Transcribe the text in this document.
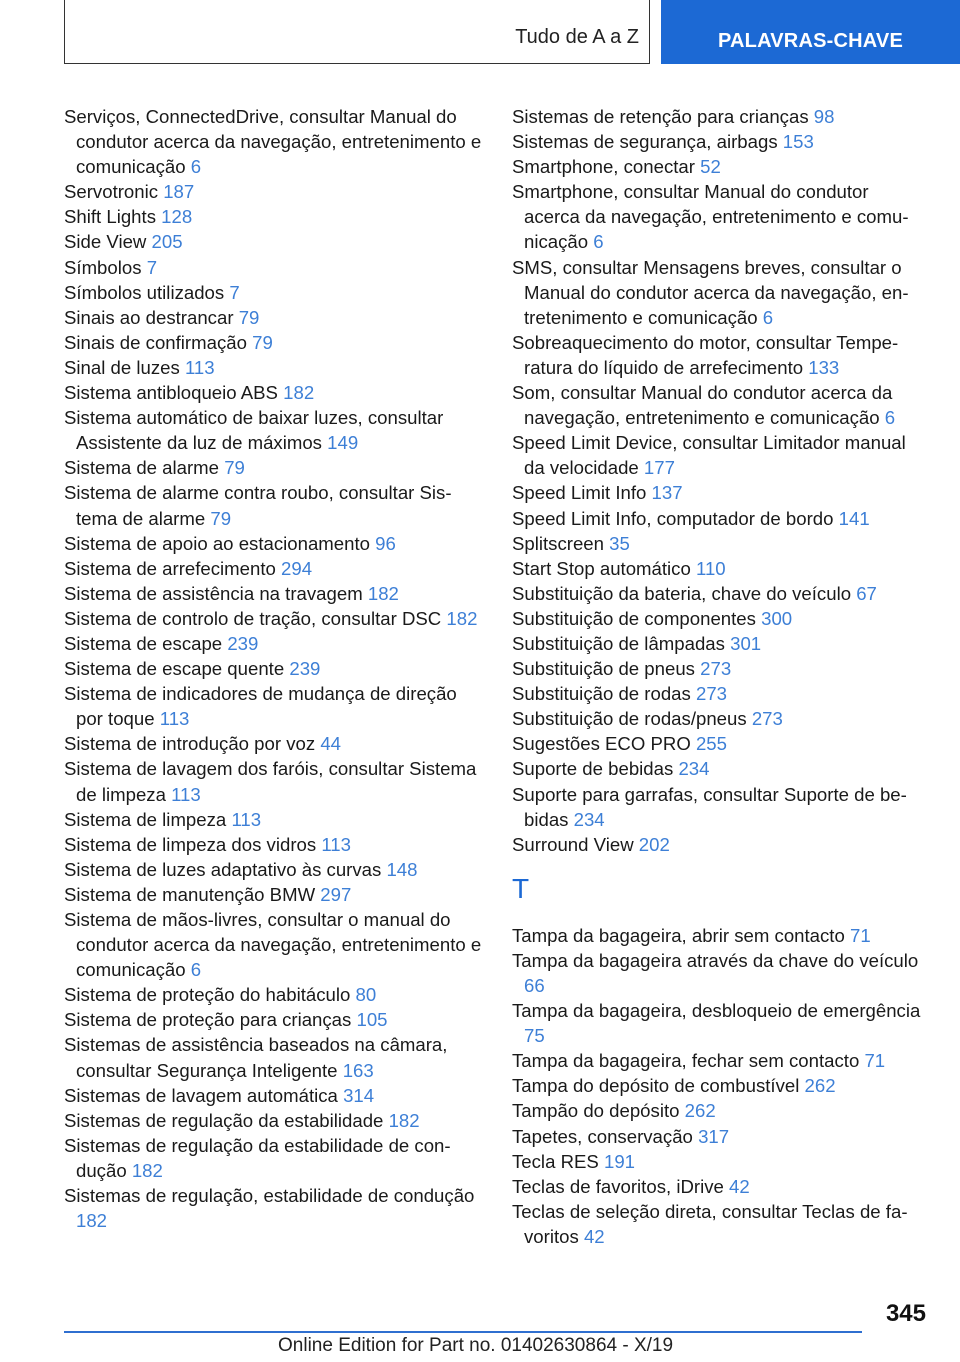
Tudo de A a Z	PALAVRAS-CHAVE

Serviços, ConnectedDrive, consultar Manual do condutor acerca da navegação, entretenimento e comunicação 6

Servotronic 187

Shift Lights 128

Side View 205

Símbolos 7

Símbolos utilizados 7

Sinais ao destrancar 79

Sinais de confirmação 79

Sinal de luzes 113

Sistema antibloqueio ABS 182

Sistema automático de baixar luzes, consultar Assistente da luz de máximos 149

Sistema de alarme 79

Sistema de alarme contra roubo, consultar Sistema de alarme 79

Sistema de apoio ao estacionamento 96

Sistema de arrefecimento 294

Sistema de assistência na travagem 182

Sistema de controlo de tração, consultar DSC 182

Sistema de escape 239

Sistema de escape quente 239

Sistema de indicadores de mudança de direção por toque 113

Sistema de introdução por voz 44

Sistema de lavagem dos faróis, consultar Sistema de limpeza 113

Sistema de limpeza 113

Sistema de limpeza dos vidros 113

Sistema de luzes adaptativo às curvas 148

Sistema de manutenção BMW 297

Sistema de mãos-livres, consultar o manual do condutor acerca da navegação, entretenimento e comunicação 6

Sistema de proteção do habitáculo 80

Sistema de proteção para crianças 105

Sistemas de assistência baseados na câmara, consultar Segurança Inteligente 163

Sistemas de lavagem automática 314

Sistemas de regulação da estabilidade 182

Sistemas de regulação da estabilidade de condução 182

Sistemas de regulação, estabilidade de condução 182

Sistemas de retenção para crianças 98

Sistemas de segurança, airbags 153

Smartphone, conectar 52

Smartphone, consultar Manual do condutor acerca da navegação, entretenimento e comunicação 6

SMS, consultar Mensagens breves, consultar o Manual do condutor acerca da navegação, entretenimento e comunicação 6

Sobreaquecimento do motor, consultar Temperatura do líquido de arrefecimento 133

Som, consultar Manual do condutor acerca da navegação, entretenimento e comunicação 6

Speed Limit Device, consultar Limitador manual da velocidade 177

Speed Limit Info 137

Speed Limit Info, computador de bordo 141

Splitscreen 35

Start Stop automático 110

Substituição da bateria, chave do veículo 67

Substituição de componentes 300

Substituição de lâmpadas 301

Substituição de pneus 273

Substituição de rodas 273

Substituição de rodas/pneus 273

Sugestões ECO PRO 255

Suporte de bebidas 234

Suporte para garrafas, consultar Suporte de bebidas 234

Surround View 202

T

Tampa da bagageira, abrir sem contacto 71

Tampa da bagageira através da chave do veículo 66

Tampa da bagageira, desbloqueio de emergência 75

Tampa da bagageira, fechar sem contacto 71

Tampa do depósito de combustível 262

Tampão do depósito 262

Tapetes, conservação 317

Tecla RES 191

Teclas de favoritos, iDrive 42

Teclas de seleção direta, consultar Teclas de favoritos 42

345
Online Edition for Part no. 01402630864 - X/19
